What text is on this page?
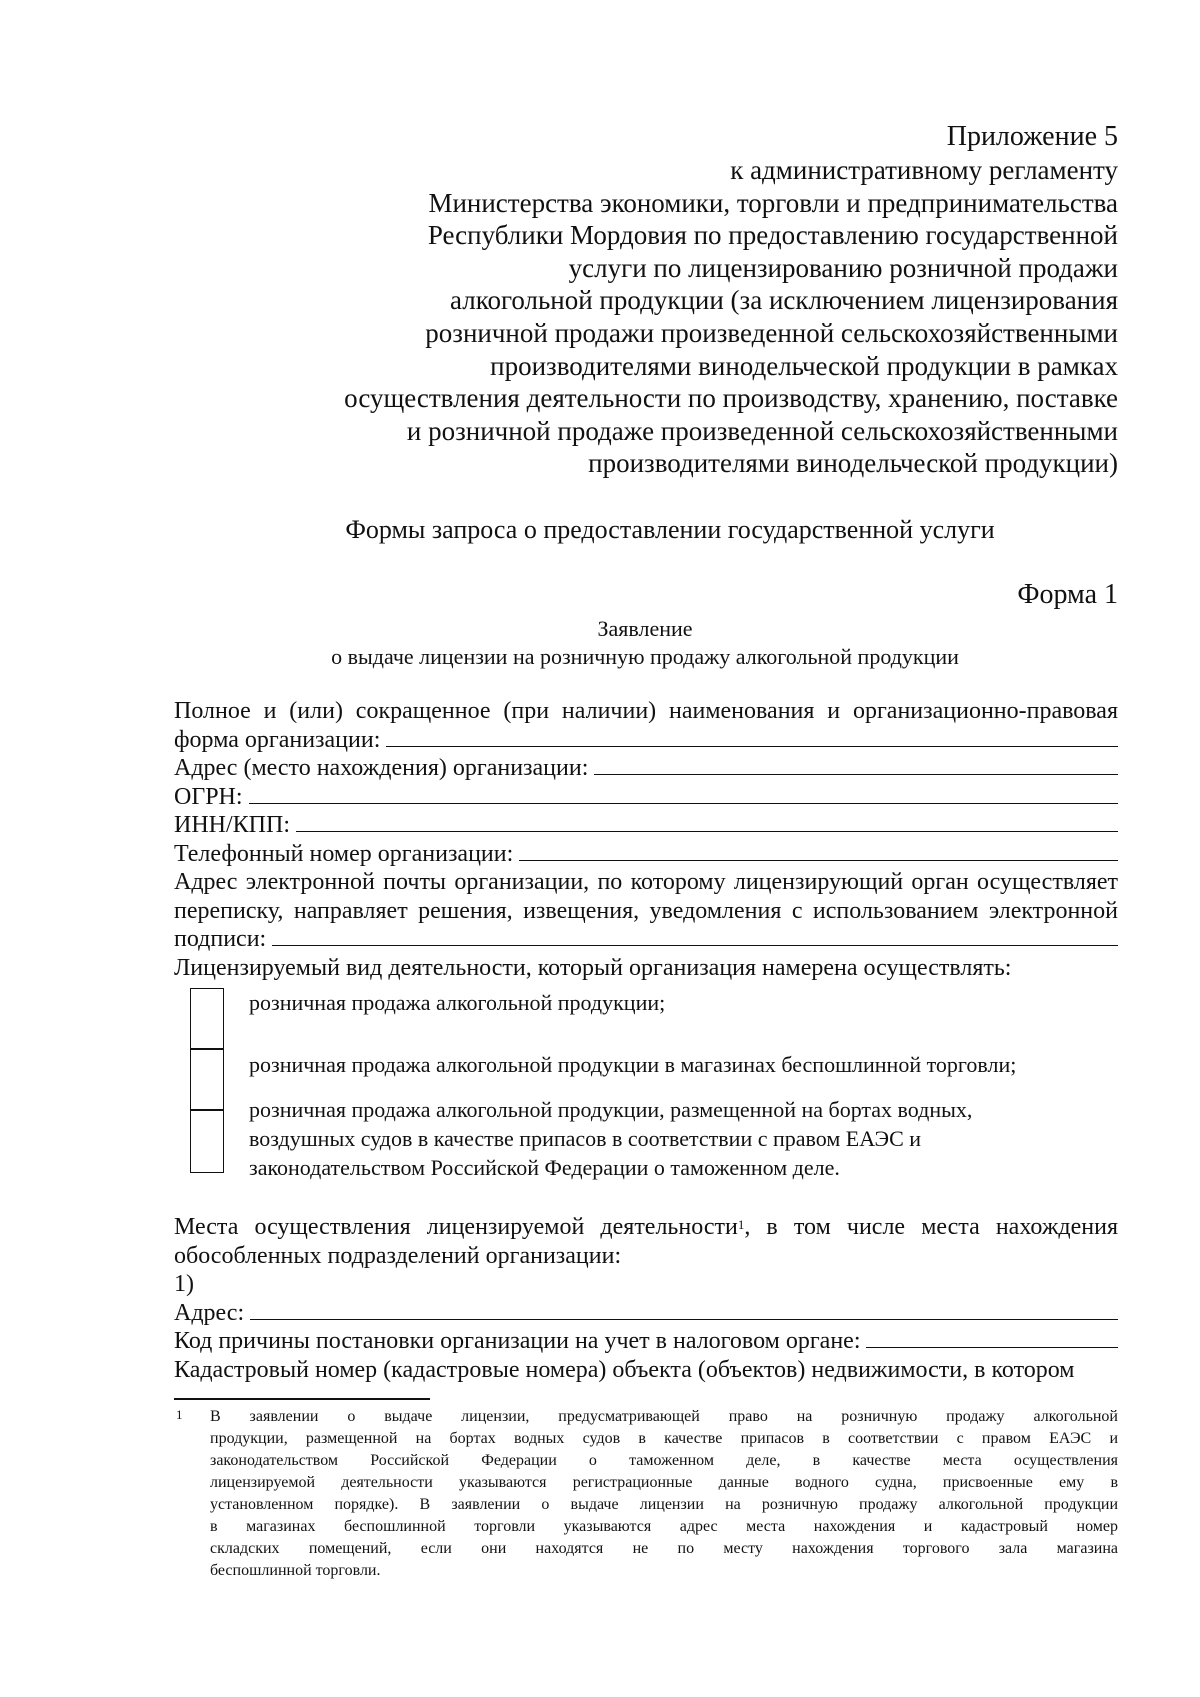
Приложение 5
к административному регламенту
Министерства экономики, торговли и предпринимательства
Республики Мордовия по предоставлению государственной
услуги по лицензированию розничной продажи
алкогольной продукции (за исключением лицензирования
розничной продажи произведенной сельскохозяйственными
производителями винодельческой продукции в рамках
осуществления деятельности по производству, хранению, поставке
и розничной продаже произведенной сельскохозяйственными
производителями винодельческой продукции)
Формы запроса о предоставлении государственной услуги
Форма 1
Заявление
о выдаче лицензии на розничную продажу алкогольной продукции
Полное и (или) сокращенное (при наличии) наименования и организационно-правовая
форма организации:
Адрес (место нахождения) организации:
ОГРН:
ИНН/КПП:
Телефонный номер организации:
Адрес электронной почты организации, по которому лицензирующий орган осуществляет
переписку, направляет решения, извещения, уведомления с использованием электронной
подписи:
Лицензируемый вид деятельности, который организация намерена осуществлять:
розничная продажа алкогольной продукции;
розничная продажа алкогольной продукции в магазинах беспошлинной торговли;
розничная продажа алкогольной продукции, размещенной на бортах водных,
воздушных судов в качестве припасов в соответствии с правом ЕАЭС и
законодательством Российской Федерации о таможенном деле.
Места осуществления лицензируемой деятельности$^1$, в том числе места нахождения
обособленных подразделений организации:
1)
Адрес:
Код причины постановки организации на учет в налоговом органе:
Кадастровый номер (кадастровые номера) объекта (объектов) недвижимости, в котором
1 В заявлении о выдаче лицензии, предусматривающей право на розничную продажу алкогольной
продукции, размещенной на бортах водных судов в качестве припасов в соответствии с правом ЕАЭС и
законодательством Российской Федерации о таможенном деле, в качестве места осуществления
лицензируемой деятельности указываются регистрационные данные водного судна, присвоенные ему в
установленном порядке). В заявлении о выдаче лицензии на розничную продажу алкогольной продукции
в магазинах беспошлинной торговли указываются адрес места нахождения и кадастровый номер
складских помещений, если они находятся не по месту нахождения торгового зала магазина
беспошлинной торговли.
